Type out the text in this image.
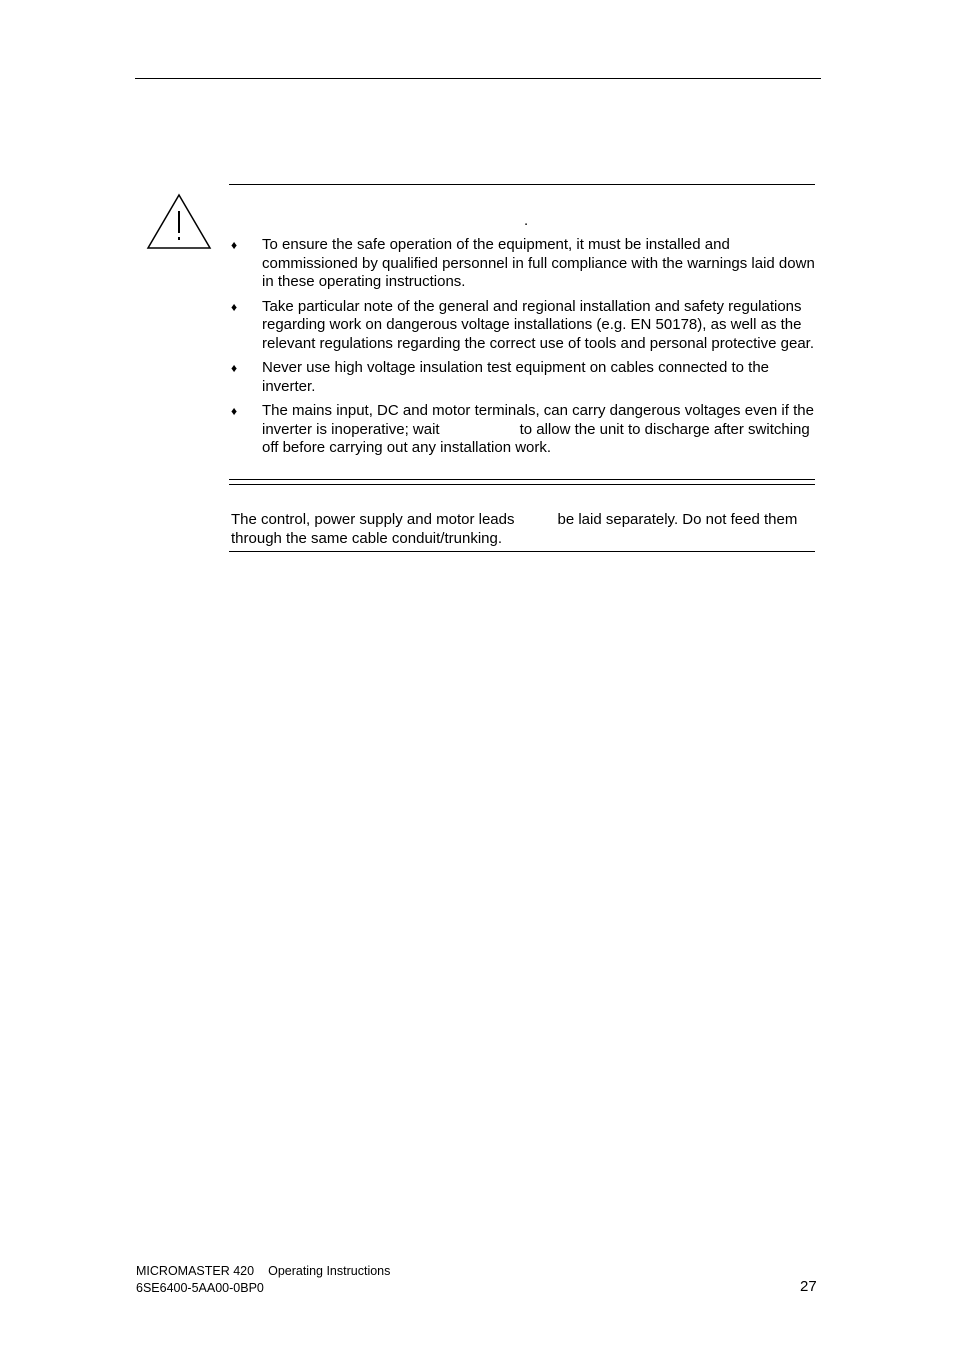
.
♦ To ensure the safe operation of the equipment, it must be installed and commissioned by qualified personnel in full compliance with the warnings laid down in these operating instructions.
♦ Take particular note of the general and regional installation and safety regulations regarding work on dangerous voltage installations (e.g. EN 50178), as well as the relevant regulations regarding the correct use of tools and personal protective gear.
♦ Never use high voltage insulation test equipment on cables connected to the inverter.
♦ The mains input, DC and motor terminals, can carry dangerous voltages even if the inverter is inoperative; wait	to allow the unit to discharge after switching off before carrying out any installation work.

The control, power supply and motor leads	be laid separately. Do not feed them through the same cable conduit/trunking.

MICROMASTER 420 Operating Instructions
6SE6400-5AA00-0BP0	27
